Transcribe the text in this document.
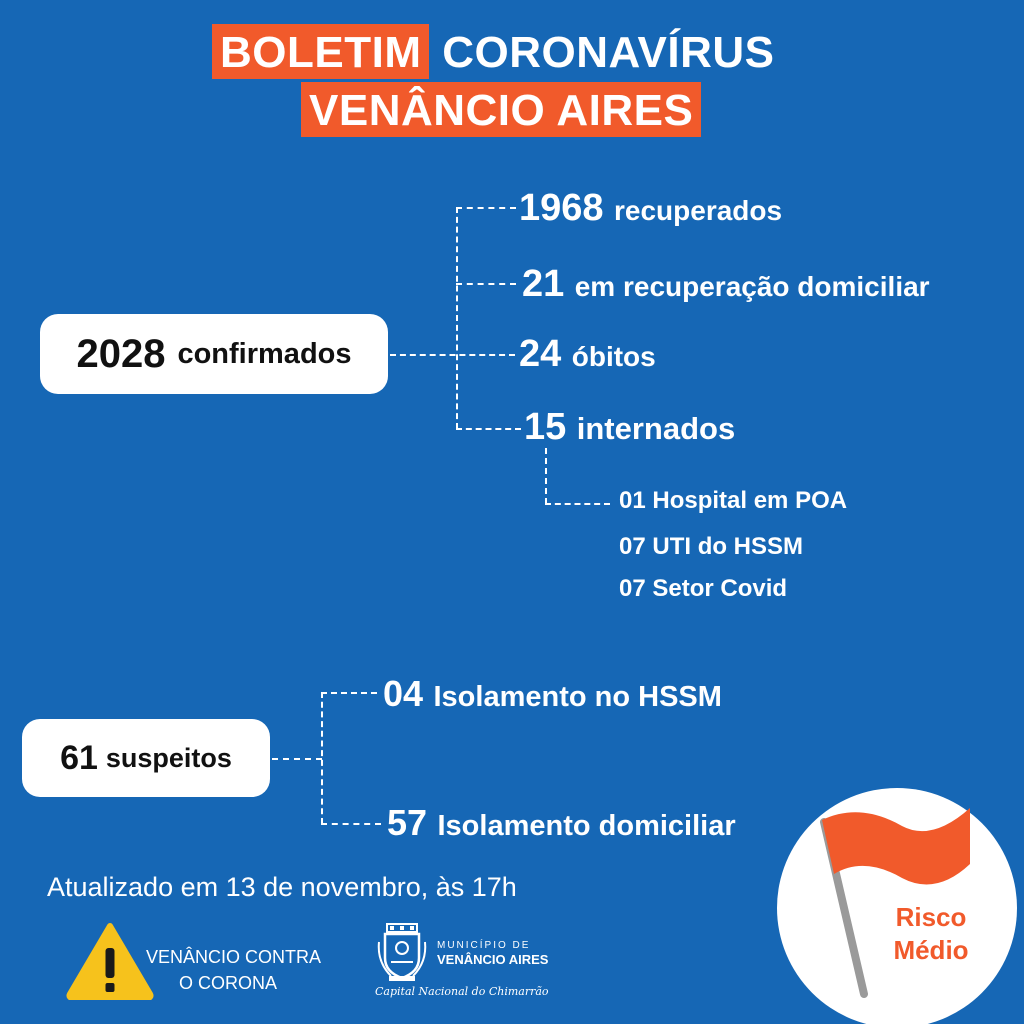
BOLETIM CORONAVÍRUS
VENÂNCIO AIRES
2028 confirmados
1968 recuperados
21 em recuperação domiciliar
24 óbitos
15 internados
01 Hospital em POA
07 UTI do HSSM
07 Setor Covid
61 suspeitos
04 Isolamento no HSSM
57 Isolamento domiciliar
Atualizado em 13 de novembro, às 17h
VENÂNCIO CONTRA
O CORONA
MUNICÍPIO DE
VENÂNCIO AIRES
Capital Nacional do Chimarrão
Risco
Médio
